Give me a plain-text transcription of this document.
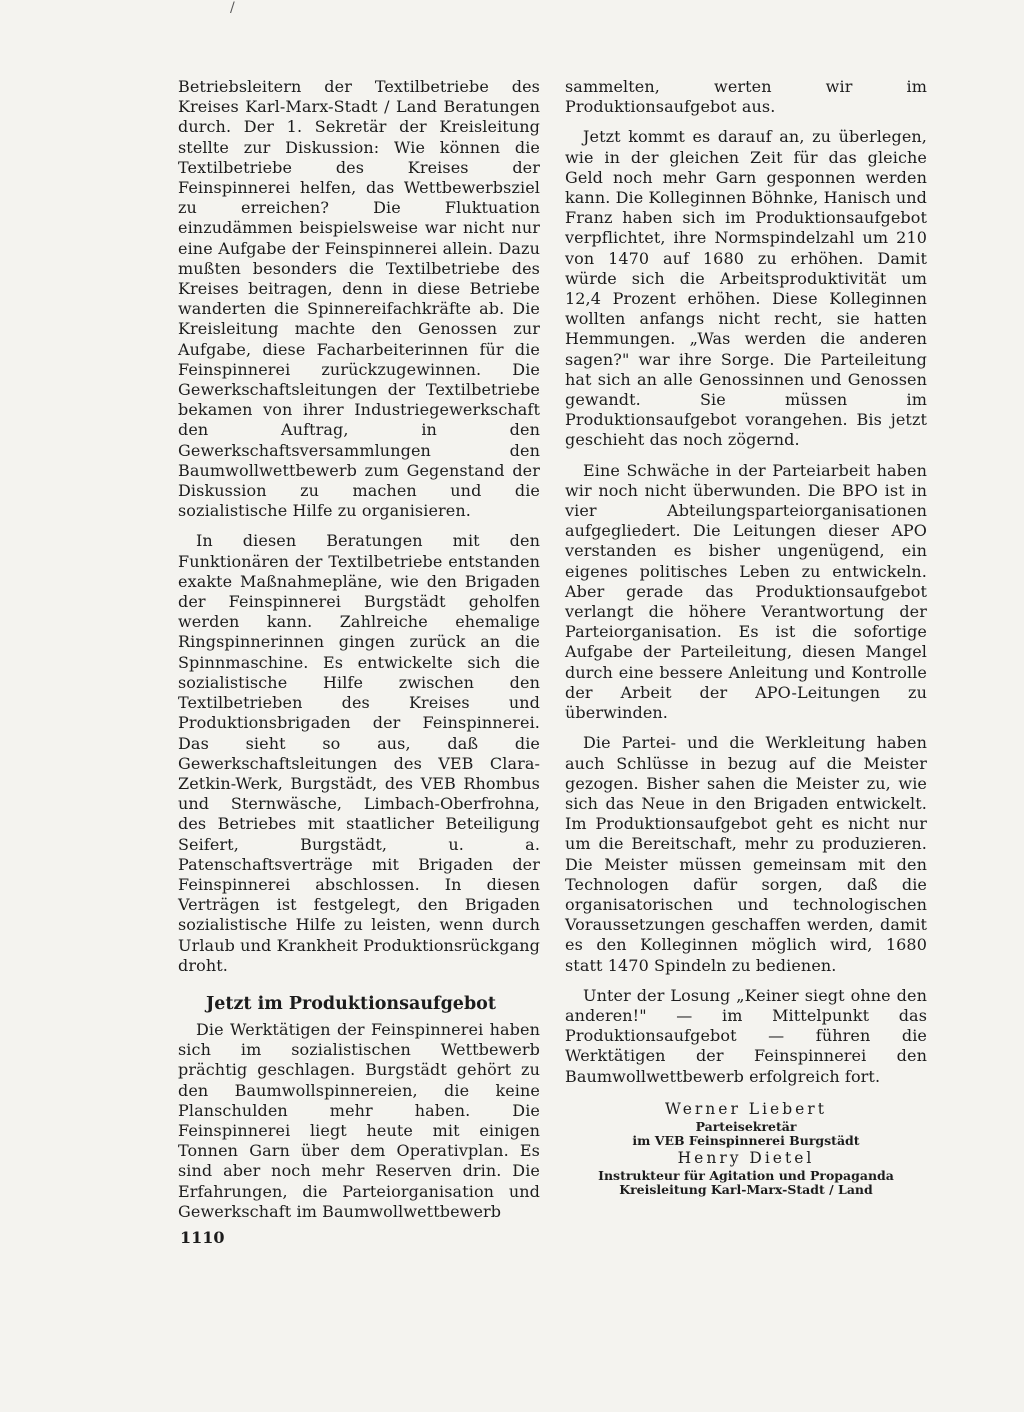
/

Betriebsleitern der Textilbetriebe des Kreises Karl-Marx-Stadt / Land Beratungen durch. Der 1. Sekretär der Kreisleitung stellte zur Diskussion: Wie können die Textilbetriebe des Kreises der Feinspinnerei helfen, das Wettbewerbsziel zu erreichen? Die Fluktuation einzudämmen beispielsweise war nicht nur eine Aufgabe der Feinspinnerei allein. Dazu mußten besonders die Textilbetriebe des Kreises beitragen, denn in diese Betriebe wanderten die Spinnereifachkräfte ab. Die Kreisleitung machte den Genossen zur Aufgabe, diese Facharbeiterinnen für die Feinspinnerei zurückzugewinnen. Die Gewerkschaftsleitungen der Textilbetriebe bekamen von ihrer Industriegewerkschaft den Auftrag, in den Gewerkschaftsversammlungen den Baumwollwettbewerb zum Gegenstand der Diskussion zu machen und die sozialistische Hilfe zu organisieren.

In diesen Beratungen mit den Funktionären der Textilbetriebe entstanden exakte Maßnahmepläne, wie den Brigaden der Feinspinnerei Burgstädt geholfen werden kann. Zahlreiche ehemalige Ringspinnerinnen gingen zurück an die Spinnmaschine. Es entwickelte sich die sozialistische Hilfe zwischen den Textilbetrieben des Kreises und Produktionsbrigaden der Feinspinnerei. Das sieht so aus, daß die Gewerkschaftsleitungen des VEB Clara-Zetkin-Werk, Burgstädt, des VEB Rhombus und Sternwäsche, Limbach-Oberfrohna, des Betriebes mit staatlicher Beteiligung Seifert, Burgstädt, u. a. Patenschaftsverträge mit Brigaden der Feinspinnerei abschlossen. In diesen Verträgen ist festgelegt, den Brigaden sozialistische Hilfe zu leisten, wenn durch Urlaub und Krankheit Produktionsrückgang droht.

Jetzt im Produktionsaufgebot

Die Werktätigen der Feinspinnerei haben sich im sozialistischen Wettbewerb prächtig geschlagen. Burgstädt gehört zu den Baumwollspinnereien, die keine Planschulden mehr haben. Die Feinspinnerei liegt heute mit einigen Tonnen Garn über dem Operativplan. Es sind aber noch mehr Reserven drin. Die Erfahrungen, die Parteiorganisation und Gewerkschaft im Baumwollwettbewerb

sammelten, werten wir im Produktionsaufgebot aus.

Jetzt kommt es darauf an, zu überlegen, wie in der gleichen Zeit für das gleiche Geld noch mehr Garn gesponnen werden kann. Die Kolleginnen Böhnke, Hanisch und Franz haben sich im Produktionsaufgebot verpflichtet, ihre Normspindelzahl um 210 von 1470 auf 1680 zu erhöhen. Damit würde sich die Arbeitsproduktivität um 12,4 Prozent erhöhen. Diese Kolleginnen wollten anfangs nicht recht, sie hatten Hemmungen. „Was werden die anderen sagen?" war ihre Sorge. Die Parteileitung hat sich an alle Genossinnen und Genossen gewandt. Sie müssen im Produktionsaufgebot vorangehen. Bis jetzt geschieht das noch zögernd.

Eine Schwäche in der Parteiarbeit haben wir noch nicht überwunden. Die BPO ist in vier Abteilungsparteiorganisationen aufgegliedert. Die Leitungen dieser APO verstanden es bisher ungenügend, ein eigenes politisches Leben zu entwickeln. Aber gerade das Produktionsaufgebot verlangt die höhere Verantwortung der Parteiorganisation. Es ist die sofortige Aufgabe der Parteileitung, diesen Mangel durch eine bessere Anleitung und Kontrolle der Arbeit der APO-Leitungen zu überwinden.

Die Partei- und die Werkleitung haben auch Schlüsse in bezug auf die Meister gezogen. Bisher sahen die Meister zu, wie sich das Neue in den Brigaden entwickelt. Im Produktionsaufgebot geht es nicht nur um die Bereitschaft, mehr zu produzieren. Die Meister müssen gemeinsam mit den Technologen dafür sorgen, daß die organisatorischen und technologischen Voraussetzungen geschaffen werden, damit es den Kolleginnen möglich wird, 1680 statt 1470 Spindeln zu bedienen.

Unter der Losung „Keiner siegt ohne den anderen!" — im Mittelpunkt das Produktionsaufgebot — führen die Werktätigen der Feinspinnerei den Baumwollwettbewerb erfolgreich fort.

Werner Liebert
Parteisekretär
im VEB Feinspinnerei Burgstädt
Henry Dietel
Instrukteur für Agitation und Propaganda
Kreisleitung Karl-Marx-Stadt / Land
1110
